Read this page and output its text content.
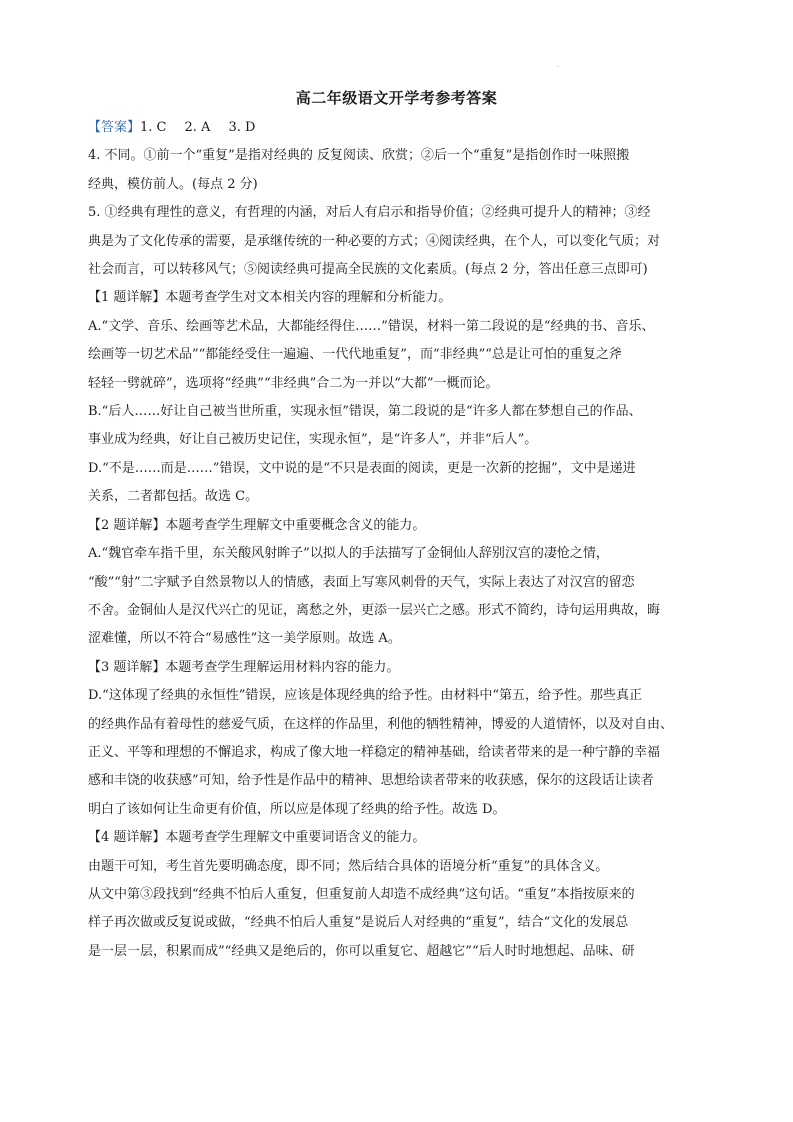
.
高二年级语文开学考参考答案

【答案】1. C 2. A 3. D

4. 不同。①前一个“重复”是指对经典的 反复阅读、欣赏；②后一个“重复”是指创作时一味照搬

经典，模仿前人。(每点 2 分)

5. ①经典有理性的意义，有哲理的内涵，对后人有启示和指导价值；②经典可提升人的精神；③经

典是为了文化传承的需要，是承继传统的一种必要的方式；④阅读经典，在个人，可以变化气质；对

社会而言，可以转移风气；⑤阅读经典可提高全民族的文化素质。(每点 2 分，答出任意三点即可)

【1 题详解】本题考查学生对文本相关内容的理解和分析能力。

A.“文学、音乐、绘画等艺术品，大都能经得住……”错误，材料一第二段说的是“经典的书、音乐、

绘画等一切艺术品”“都能经受住一遍遍、一代代地重复”，而“非经典”“总是让可怕的重复之斧

轻轻一劈就碎”，选项将“经典”“非经典”合二为一并以“大都”一概而论。

B.“后人……好让自己被当世所重，实现永恒”错误，第二段说的是“许多人都在梦想自己的作品、

事业成为经典，好让自己被历史记住，实现永恒”，是“许多人”，并非“后人”。

D.“不是……而是……”错误，文中说的是“不只是表面的阅读，更是一次新的挖掘”，文中是递进

关系，二者都包括。故选 C。

【2 题详解】本题考查学生理解文中重要概念含义的能力。

A.“魏官牵车指千里，东关酸风射眸子”以拟人的手法描写了金铜仙人辞别汉宫的凄怆之情，

“酸”“射”二字赋予自然景物以人的情感，表面上写寒风刺骨的天气，实际上表达了对汉宫的留恋

不舍。金铜仙人是汉代兴亡的见证，离愁之外，更添一层兴亡之感。形式不简约，诗句运用典故，晦

涩难懂，所以不符合“易感性”这一美学原则。故选 A。

【3 题详解】本题考查学生理解运用材料内容的能力。

D.“这体现了经典的永恒性”错误，应该是体现经典的给予性。由材料中“第五，给予性。那些真正

的经典作品有着母性的慈爱气质，在这样的作品里，利他的牺牲精神，博爱的人道情怀，以及对自由、

正义、平等和理想的不懈追求，构成了像大地一样稳定的精神基础，给读者带来的是一种宁静的幸福

感和丰饶的收获感”可知，给予性是作品中的精神、思想给读者带来的收获感，保尔的这段话让读者

明白了该如何让生命更有价值，所以应是体现了经典的给予性。故选 D。

【4 题详解】本题考查学生理解文中重要词语含义的能力。

由题干可知，考生首先要明确态度，即不同；然后结合具体的语境分析“重复”的具体含义。

从文中第③段找到“经典不怕后人重复，但重复前人却造不成经典”这句话。“重复”本指按原来的

样子再次做或反复说或做，“经典不怕后人重复”是说后人对经典的“重复”，结合“文化的发展总

是一层一层，积累而成”“经典又是绝后的，你可以重复它、超越它”“后人时时地想起、品味、研
